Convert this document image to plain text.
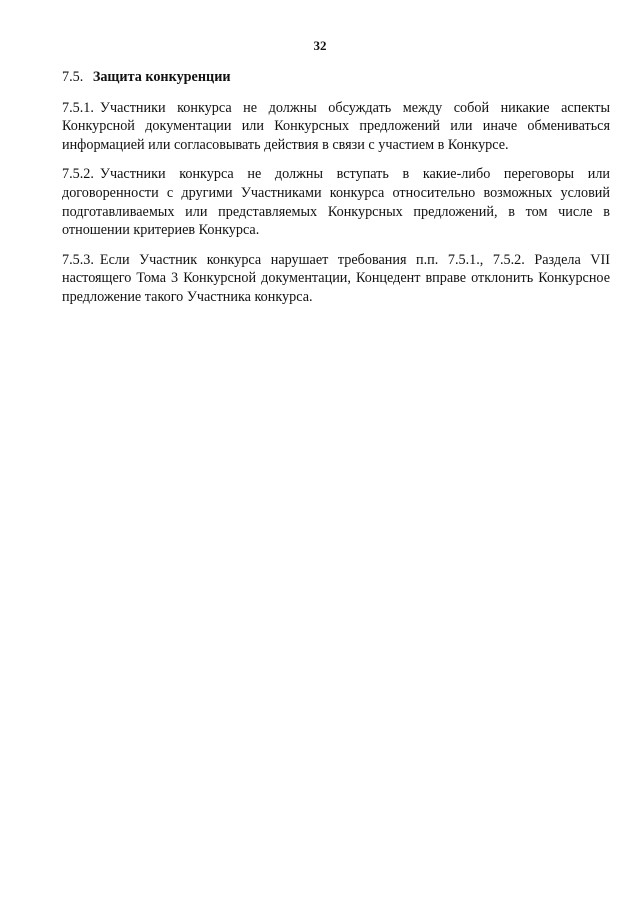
32
7.5. Защита конкуренции

7.5.1. Участники конкурса не должны обсуждать между собой никакие аспекты Конкурсной документации или Конкурсных предложений или иначе обмениваться информацией или согласовывать действия в связи с участием в Конкурсе.

7.5.2. Участники конкурса не должны вступать в какие-либо переговоры или договоренности с другими Участниками конкурса относительно возможных условий подготавливаемых или представляемых Конкурсных предложений, в том числе в отношении критериев Конкурса.

7.5.3. Если Участник конкурса нарушает требования п.п. 7.5.1., 7.5.2. Раздела VII настоящего Тома 3 Конкурсной документации, Концедент вправе отклонить Конкурсное предложение такого Участника конкурса.
